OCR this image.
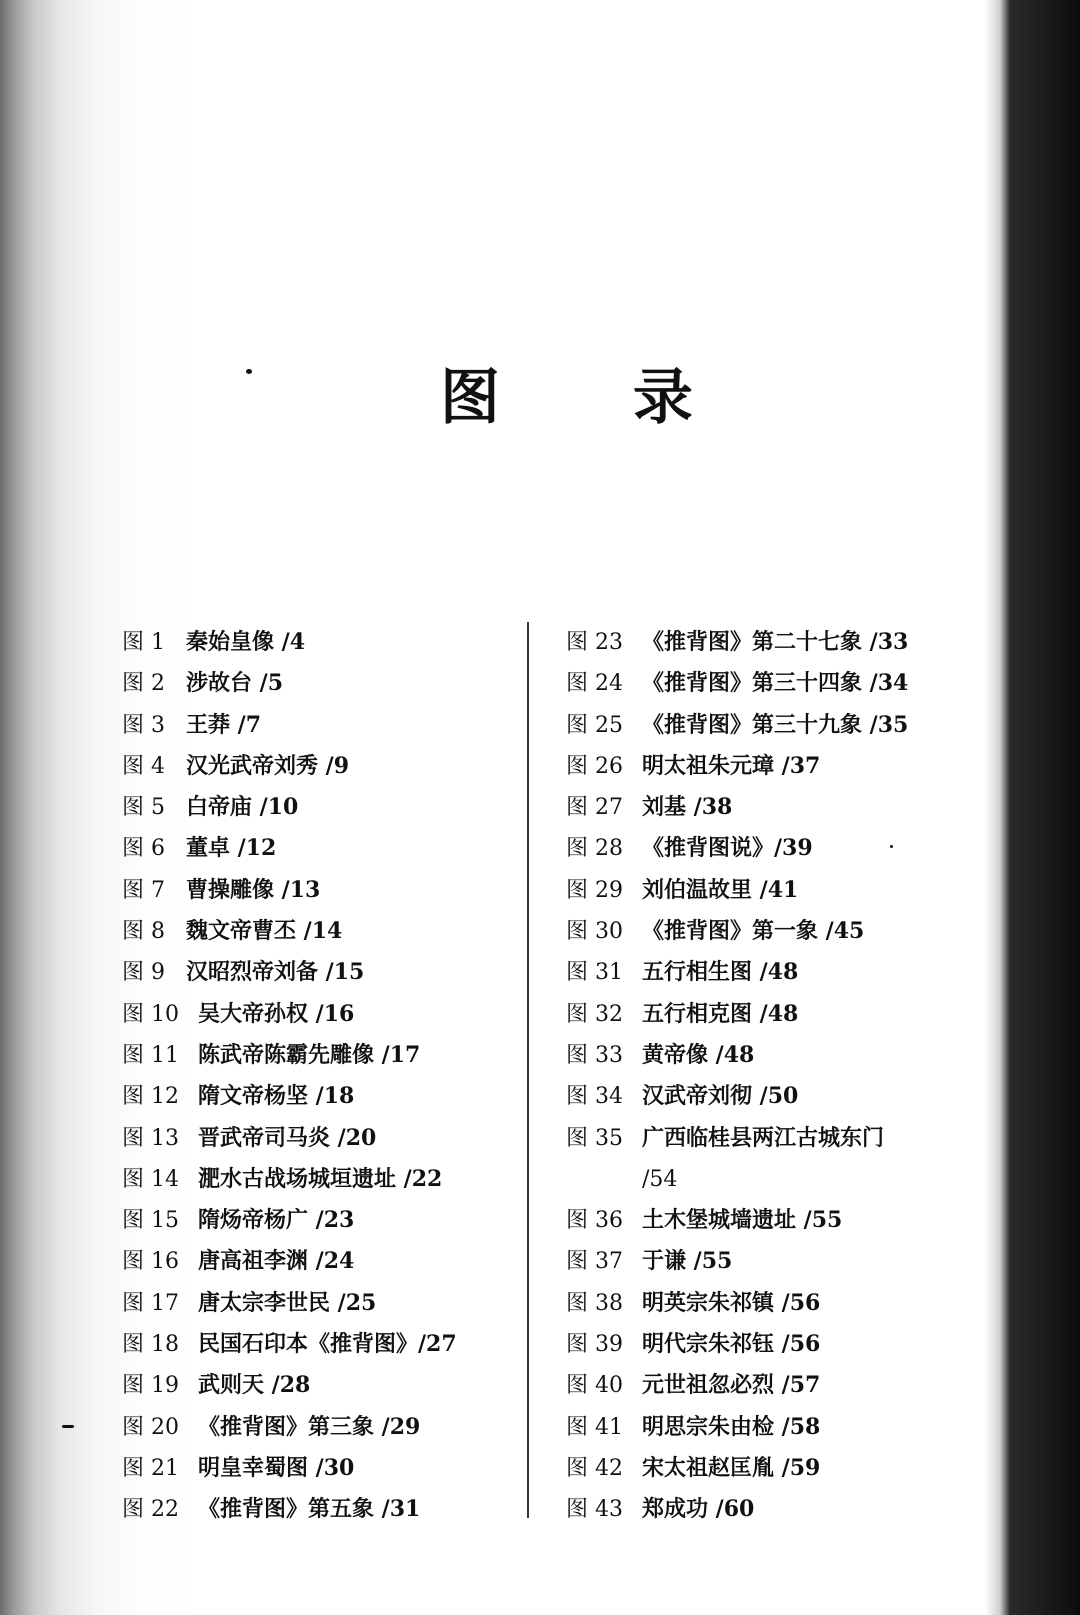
图 录
图 1 秦始皇像 /4
图 2 涉故台 /5
图 3 王莽 /7
图 4 汉光武帝刘秀 /9
图 5 白帝庙 /10
图 6 董卓 /12
图 7 曹操雕像 /13
图 8 魏文帝曹丕 /14
图 9 汉昭烈帝刘备 /15
图 10 吴大帝孙权 /16
图 11 陈武帝陈霸先雕像 /17
图 12 隋文帝杨坚 /18
图 13 晋武帝司马炎 /20
图 14 淝水古战场城垣遗址 /22
图 15 隋炀帝杨广 /23
图 16 唐高祖李渊 /24
图 17 唐太宗李世民 /25
图 18 民国石印本《推背图》/27
图 19 武则天 /28
图 20 《推背图》第三象 /29
图 21 明皇幸蜀图 /30
图 22 《推背图》第五象 /31
图 23 《推背图》第二十七象 /33
图 24 《推背图》第三十四象 /34
图 25 《推背图》第三十九象 /35
图 26 明太祖朱元璋 /37
图 27 刘基 /38
图 28 《推背图说》/39
图 29 刘伯温故里 /41
图 30 《推背图》第一象 /45
图 31 五行相生图 /48
图 32 五行相克图 /48
图 33 黄帝像 /48
图 34 汉武帝刘彻 /50
图 35 广西临桂县两江古城东门
/54
图 36 土木堡城墙遗址 /55
图 37 于谦 /55
图 38 明英宗朱祁镇 /56
图 39 明代宗朱祁钰 /56
图 40 元世祖忽必烈 /57
图 41 明思宗朱由检 /58
图 42 宋太祖赵匡胤 /59
图 43 郑成功 /60
